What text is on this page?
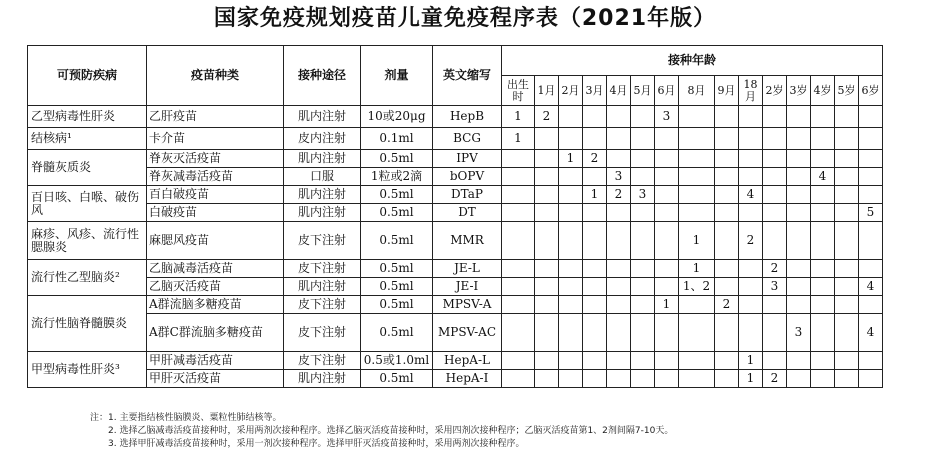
国家免疫规划疫苗儿童免疫程序表（2021年版）
可预防疾病	疫苗种类	接种途径	剂量	英文缩写	接种年龄														
					出生时	1月	2月	3月	4月	5月	6月	8月	9月	18月	2岁	3岁	4岁	5岁	6岁
乙型病毒性肝炎	乙肝疫苗	肌内注射	10或20μg	HepB	1	2					3								
结核病¹	卡介苗	皮内注射	0.1ml	BCG	1														
脊髓灰质炎	脊灰灭活疫苗	肌内注射	0.5ml	IPV			1	2											
	脊灰减毒活疫苗	口服	1粒或2滴	bOPV					3								4		
百日咳、白喉、破伤风	百白破疫苗	肌内注射	0.5ml	DTaP				1	2	3				4					
	白破疫苗	肌内注射	0.5ml	DT															5
麻疹、风疹、流行性腮腺炎	麻腮风疫苗	皮下注射	0.5ml	MMR								1		2					
流行性乙型脑炎²	乙脑减毒活疫苗	皮下注射	0.5ml	JE-L								1			2				
	乙脑灭活疫苗	肌内注射	0.5ml	JE-I								1、2			3				4
流行性脑脊髓膜炎	A群流脑多糖疫苗	皮下注射	0.5ml	MPSV-A							1		2						
	A群C群流脑多糖疫苗	皮下注射	0.5ml	MPSV-AC												3			4
甲型病毒性肝炎³	甲肝减毒活疫苗	皮下注射	0.5或1.0ml	HepA-L										1					
	甲肝灭活疫苗	肌内注射	0.5ml	HepA-I										1	2				
注：1. 主要指结核性脑膜炎、粟粒性肺结核等。
2. 选择乙脑减毒活疫苗接种时，采用两剂次接种程序。选择乙脑灭活疫苗接种时，采用四剂次接种程序；乙脑灭活疫苗第1、2剂间隔7-10天。
3. 选择甲肝减毒活疫苗接种时，采用一剂次接种程序。选择甲肝灭活疫苗接种时，采用两剂次接种程序。
